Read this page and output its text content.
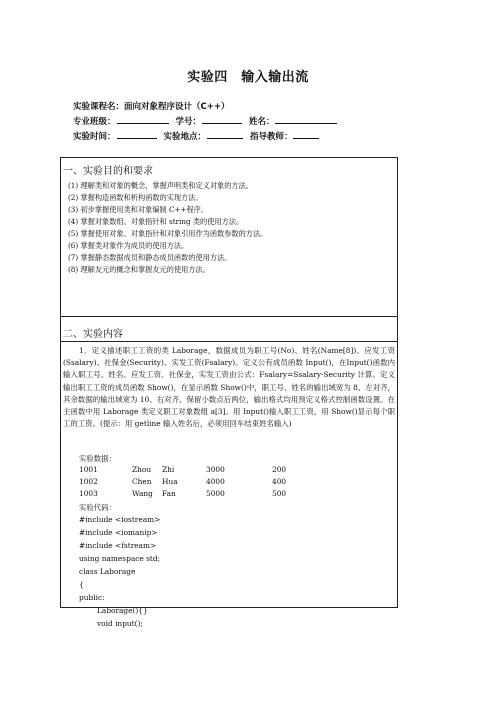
实验四　输入输出流
实验课程名：面向对象程序设计（C++）
专业班级：	学号：	姓名：
实验时间：	实验地点：	指导教师：
一、实验目的和要求
(1) 理解类和对象的概念，掌握声明类和定义对象的方法。
(2) 掌握构造函数和析构函数的实现方法。
(3) 初步掌握使用类和对象编制 C++程序。
(4) 掌握对象数组、对象指针和 string 类的使用方法。
(5) 掌握使用对象、对象指针和对象引用作为函数参数的方法。
(6) 掌握类对象作为成员的使用方法。
(7) 掌握静态数据成员和静态成员函数的使用方法。
(8) 理解友元的概念和掌握友元的使用方法。
二、实验内容
1．定义描述职工工资的类 Laborage，数据成员为职工号(No)、姓名(Name[8])、应发工资(Ssalary)、社保金(Security)、实发工资(Fsalary)。定义公有成员函数 Input()，在Input()函数内输入职工号、姓名、应发工资、社保金，实发工资由公式：Fsalary=Ssalary-Security 计算。定义输出职工工资的成员函数 Show()，在显示函数 Show()中，职工号、姓名的输出域宽为 8、左对齐，其余数据的输出域宽为 10、右对齐、保留小数点后两位，输出格式均用预定义格式控制函数设置。在主函数中用 Laborage 类定义职工对象数组 a[3]。用 Input()输入职工工资，用 Show()显示每个职工的工资。(提示：用 getline 输入姓名后，必须用回车结束姓名输入)
实验数据：
1001	Zhou Zhi	3000	200
1002	Chen Hua	4000	400
1003	Wang Fan	5000	500
实验代码：
#include <iostream>
#include <iomanip>
#include <fstream>
using namespace std;
class Laborage
{
public:
Laborage(){}
void input();
